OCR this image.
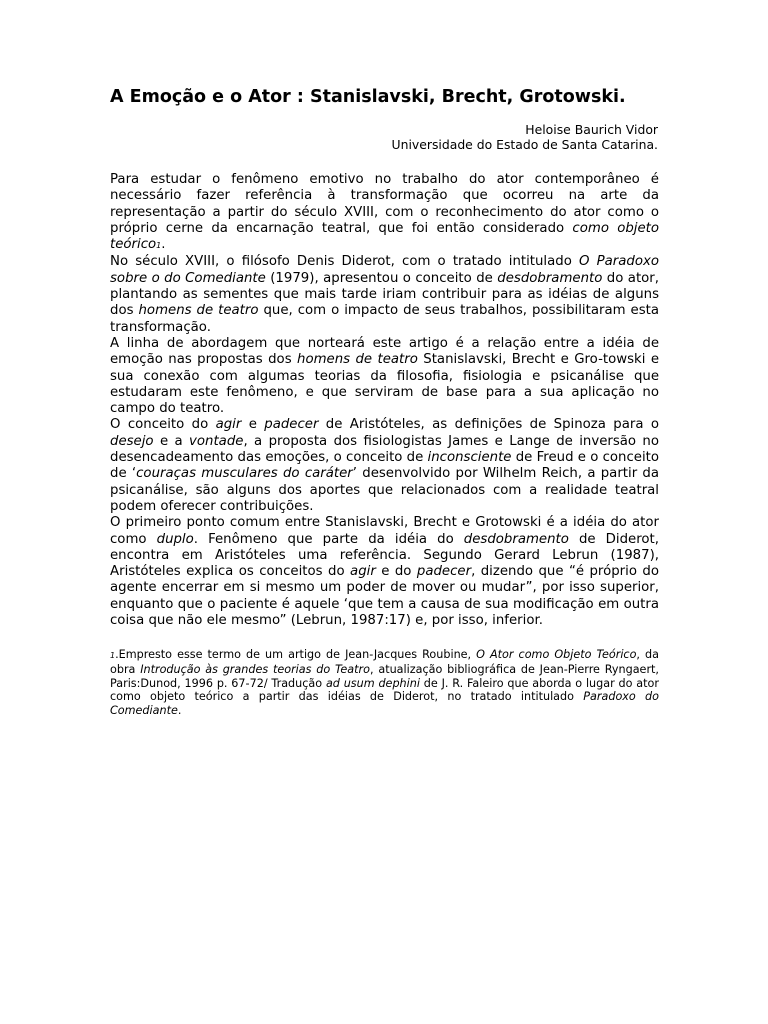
A Emoção e o Ator : Stanislavski, Brecht, Grotowski.
Heloise Baurich Vidor
Universidade do Estado de Santa Catarina.

Para estudar o fenômeno emotivo no trabalho do ator contemporâneo é necessário fazer referência à transformação que ocorreu na arte da representação a partir do século XVIII, com o reconhecimento do ator como o próprio cerne da encarnação teatral, que foi então considerado como objeto teórico1.

No século XVIII, o filósofo Denis Diderot, com o tratado intitulado O Paradoxo sobre o do Comediante (1979), apresentou o conceito de desdobramento do ator, plantando as sementes que mais tarde iriam contribuir para as idéias de alguns dos homens de teatro que, com o impacto de seus trabalhos, possibilitaram esta transformação.

A linha de abordagem que norteará este artigo é a relação entre a idéia de emoção nas propostas dos homens de teatro Stanislavski, Brecht e Gro-towski e sua conexão com algumas teorias da filosofia, fisiologia e psicanálise que estudaram este fenômeno, e que serviram de base para a sua aplicação no campo do teatro.

O conceito do agir e padecer de Aristóteles, as definições de Spinoza para o desejo e a vontade, a proposta dos fisiologistas James e Lange de inversão no desencadeamento das emoções, o conceito de inconsciente de Freud e o conceito de ‘couraças musculares do caráter’ desenvolvido por Wilhelm Reich, a partir da psicanálise, são alguns dos aportes que relacionados com a realidade teatral podem oferecer contribuições.

O primeiro ponto comum entre Stanislavski, Brecht e Grotowski é a idéia do ator como duplo. Fenômeno que parte da idéia do desdobramento de Diderot, encontra em Aristóteles uma referência. Segundo Gerard Lebrun (1987), Aristóteles explica os conceitos do agir e do padecer, dizendo que “é próprio do agente encerrar em si mesmo um poder de mover ou mudar”, por isso superior, enquanto que o paciente é aquele ‘que tem a causa de sua modificação em outra coisa que não ele mesmo” (Lebrun, 1987:17) e, por isso, inferior.

1.Empresto esse termo de um artigo de Jean-Jacques Roubine, O Ator como Objeto Teórico, da obra Introdução às grandes teorias do Teatro, atualização bibliográfica de Jean-Pierre Ryngaert, Paris:Dunod, 1996 p. 67-72/ Tradução ad usum dephini de J. R. Faleiro que aborda o lugar do ator como objeto teórico a partir das idéias de Diderot, no tratado intitulado Paradoxo do Comediante.
